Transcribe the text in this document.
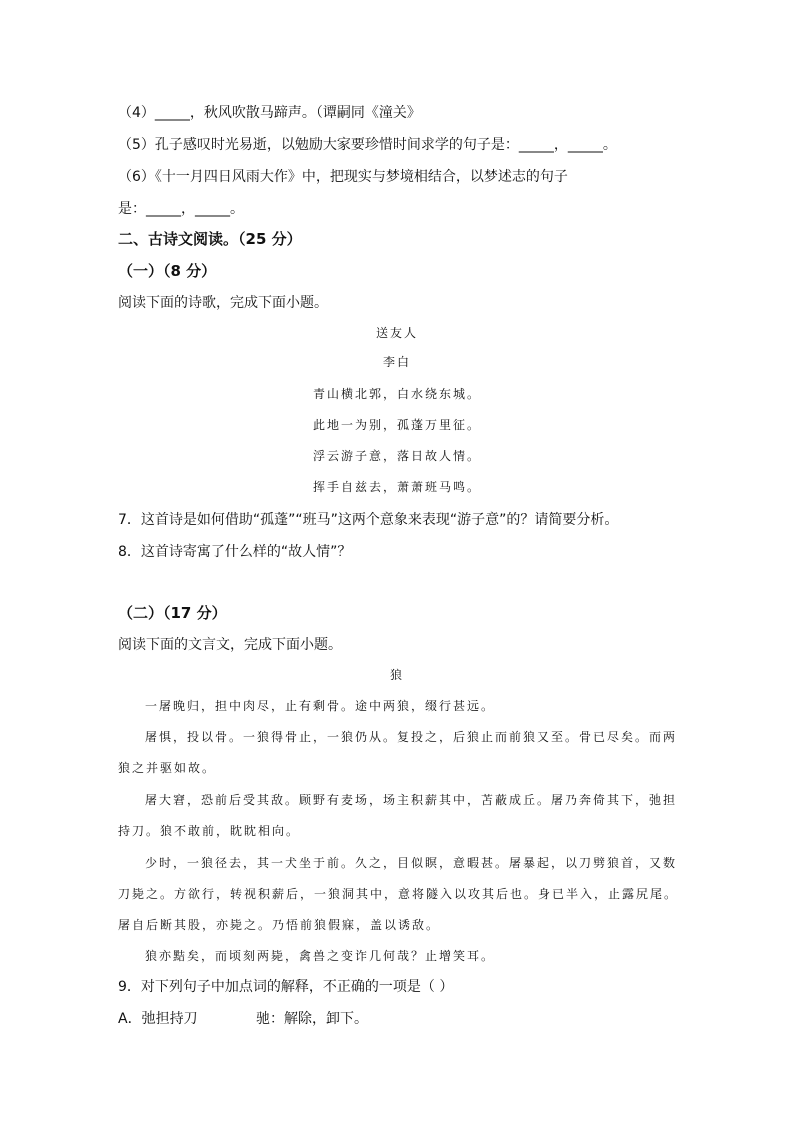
（4）_____，秋风吹散马蹄声。（谭嗣同《潼关》
（5）孔子感叹时光易逝，以勉励大家要珍惜时间求学的句子是：_____，_____。
（6）《十一月四日风雨大作》中，把现实与梦境相结合，以梦述志的句子
是：_____，_____。
二、古诗文阅读。（25 分）
（一）（8 分）
阅读下面的诗歌，完成下面小题。
送友人
李白
青山横北郭，白水绕东城。
此地一为别，孤蓬万里征。
浮云游子意，落日故人情。
挥手自兹去，萧萧班马鸣。
7．这首诗是如何借助“孤蓬”“班马”这两个意象来表现“游子意”的？请简要分析。
8．这首诗寄寓了什么样的“故人情”？
（二）（17 分）
阅读下面的文言文，完成下面小题。
狼
一屠晚归，担中肉尽，止有剩骨。途中两狼，缀行甚远。
屠惧，投以骨。一狼得骨止，一狼仍从。复投之，后狼止而前狼又至。骨已尽矣。而两
狼之并驱如故。
屠大窘，恐前后受其敌。顾野有麦场，场主积薪其中，苫蔽成丘。屠乃奔倚其下，弛担
持刀。狼不敢前，眈眈相向。
少时，一狼径去，其一犬坐于前。久之，目似瞑，意暇甚。屠暴起，以刀劈狼首，又数
刀毙之。方欲行，转视积薪后，一狼洞其中，意将隧入以攻其后也。身已半入，止露尻尾。
屠自后断其股，亦毙之。乃悟前狼假寐，盖以诱敌。
狼亦黠矣，而顷刻两毙，禽兽之变诈几何哉？止增笑耳。
9．对下列句子中加点词的解释，不正确的一项是（ ）
A．弛担持刀	驰：解除，卸下。
